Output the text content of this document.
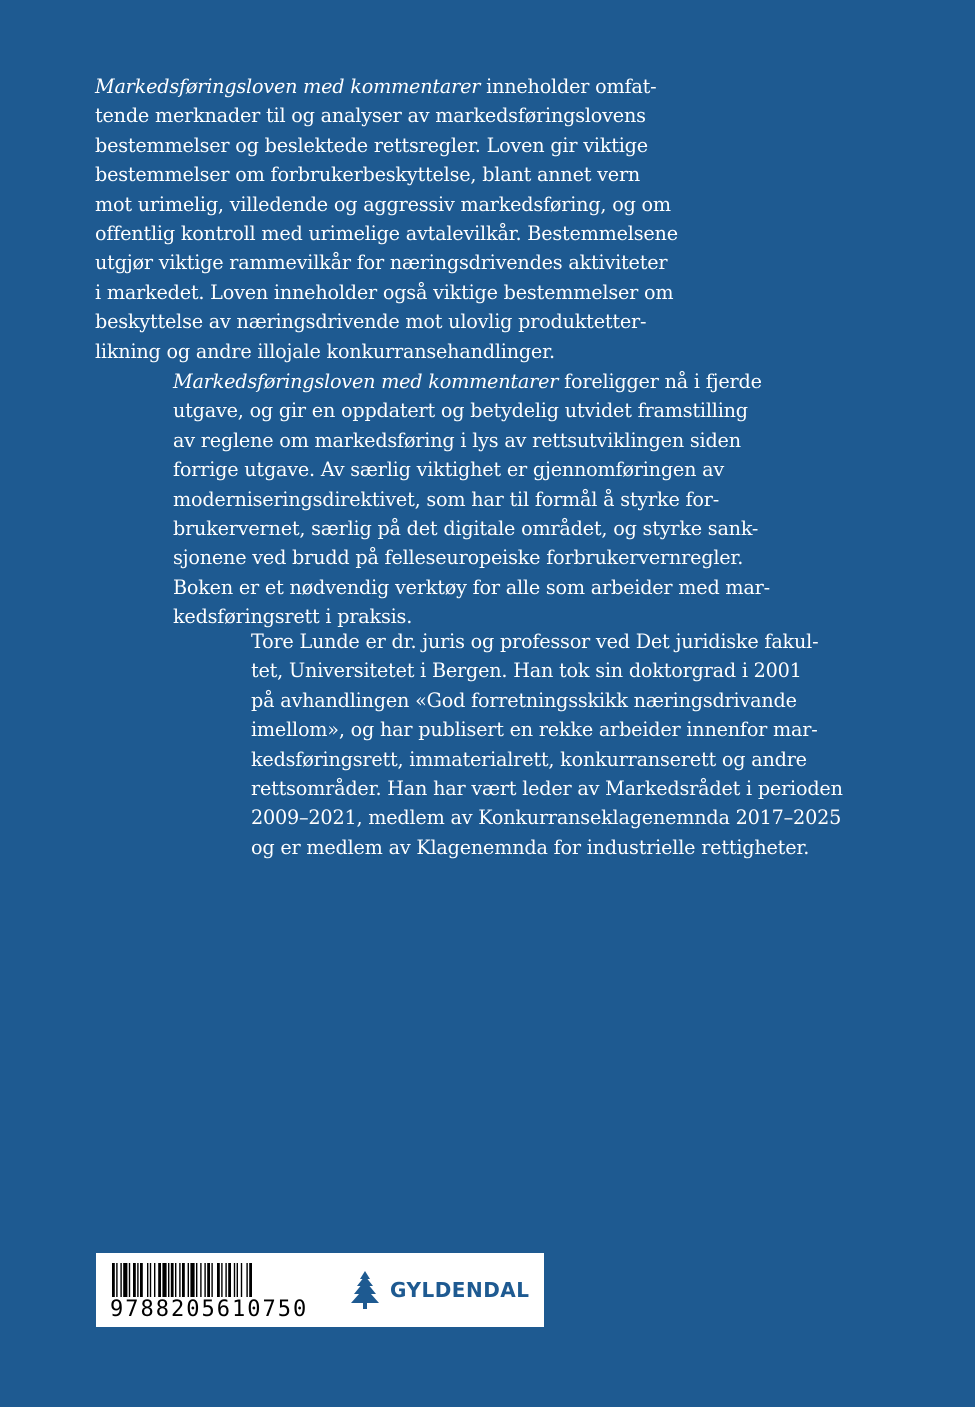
Markedsføringsloven med kommentarer inneholder omfat-
tende merknader til og analyser av markedsføringslovens
bestemmelser og beslektede rettsregler. Loven gir viktige
bestemmelser om forbrukerbeskyttelse, blant annet vern
mot urimelig, villedende og aggressiv markedsføring, og om
offentlig kontroll med urimelige avtalevilkår. Bestemmelsene
utgjør viktige rammevilkår for næringsdrivendes aktiviteter
i markedet. Loven inneholder også viktige bestemmelser om
beskyttelse av næringsdrivende mot ulovlig produktetter-
likning og andre illojale konkurransehandlinger.
Markedsføringsloven med kommentarer foreligger nå i fjerde
utgave, og gir en oppdatert og betydelig utvidet framstilling
av reglene om markedsføring i lys av rettsutviklingen siden
forrige utgave. Av særlig viktighet er gjennomføringen av
moderniseringsdirektivet, som har til formål å styrke for-
brukervernet, særlig på det digitale området, og styrke sank-
sjonene ved brudd på felleseuropeiske forbrukervernregler.
Boken er et nødvendig verktøy for alle som arbeider med mar-
kedsføringsrett i praksis.
Tore Lunde er dr. juris og professor ved Det juridiske fakul-
tet, Universitetet i Bergen. Han tok sin doktorgrad i 2001
på avhandlingen «God forretningsskikk næringsdrivande
imellom», og har publisert en rekke arbeider innenfor mar-
kedsføringsrett, immaterialrett, konkurranserett og andre
rettsområder. Han har vært leder av Markedsrådet i perioden
2009–2021, medlem av Konkurranseklagenemnda 2017–2025
og er medlem av Klagenemnda for industrielle rettigheter.
9788205610750
GYLDENDAL
